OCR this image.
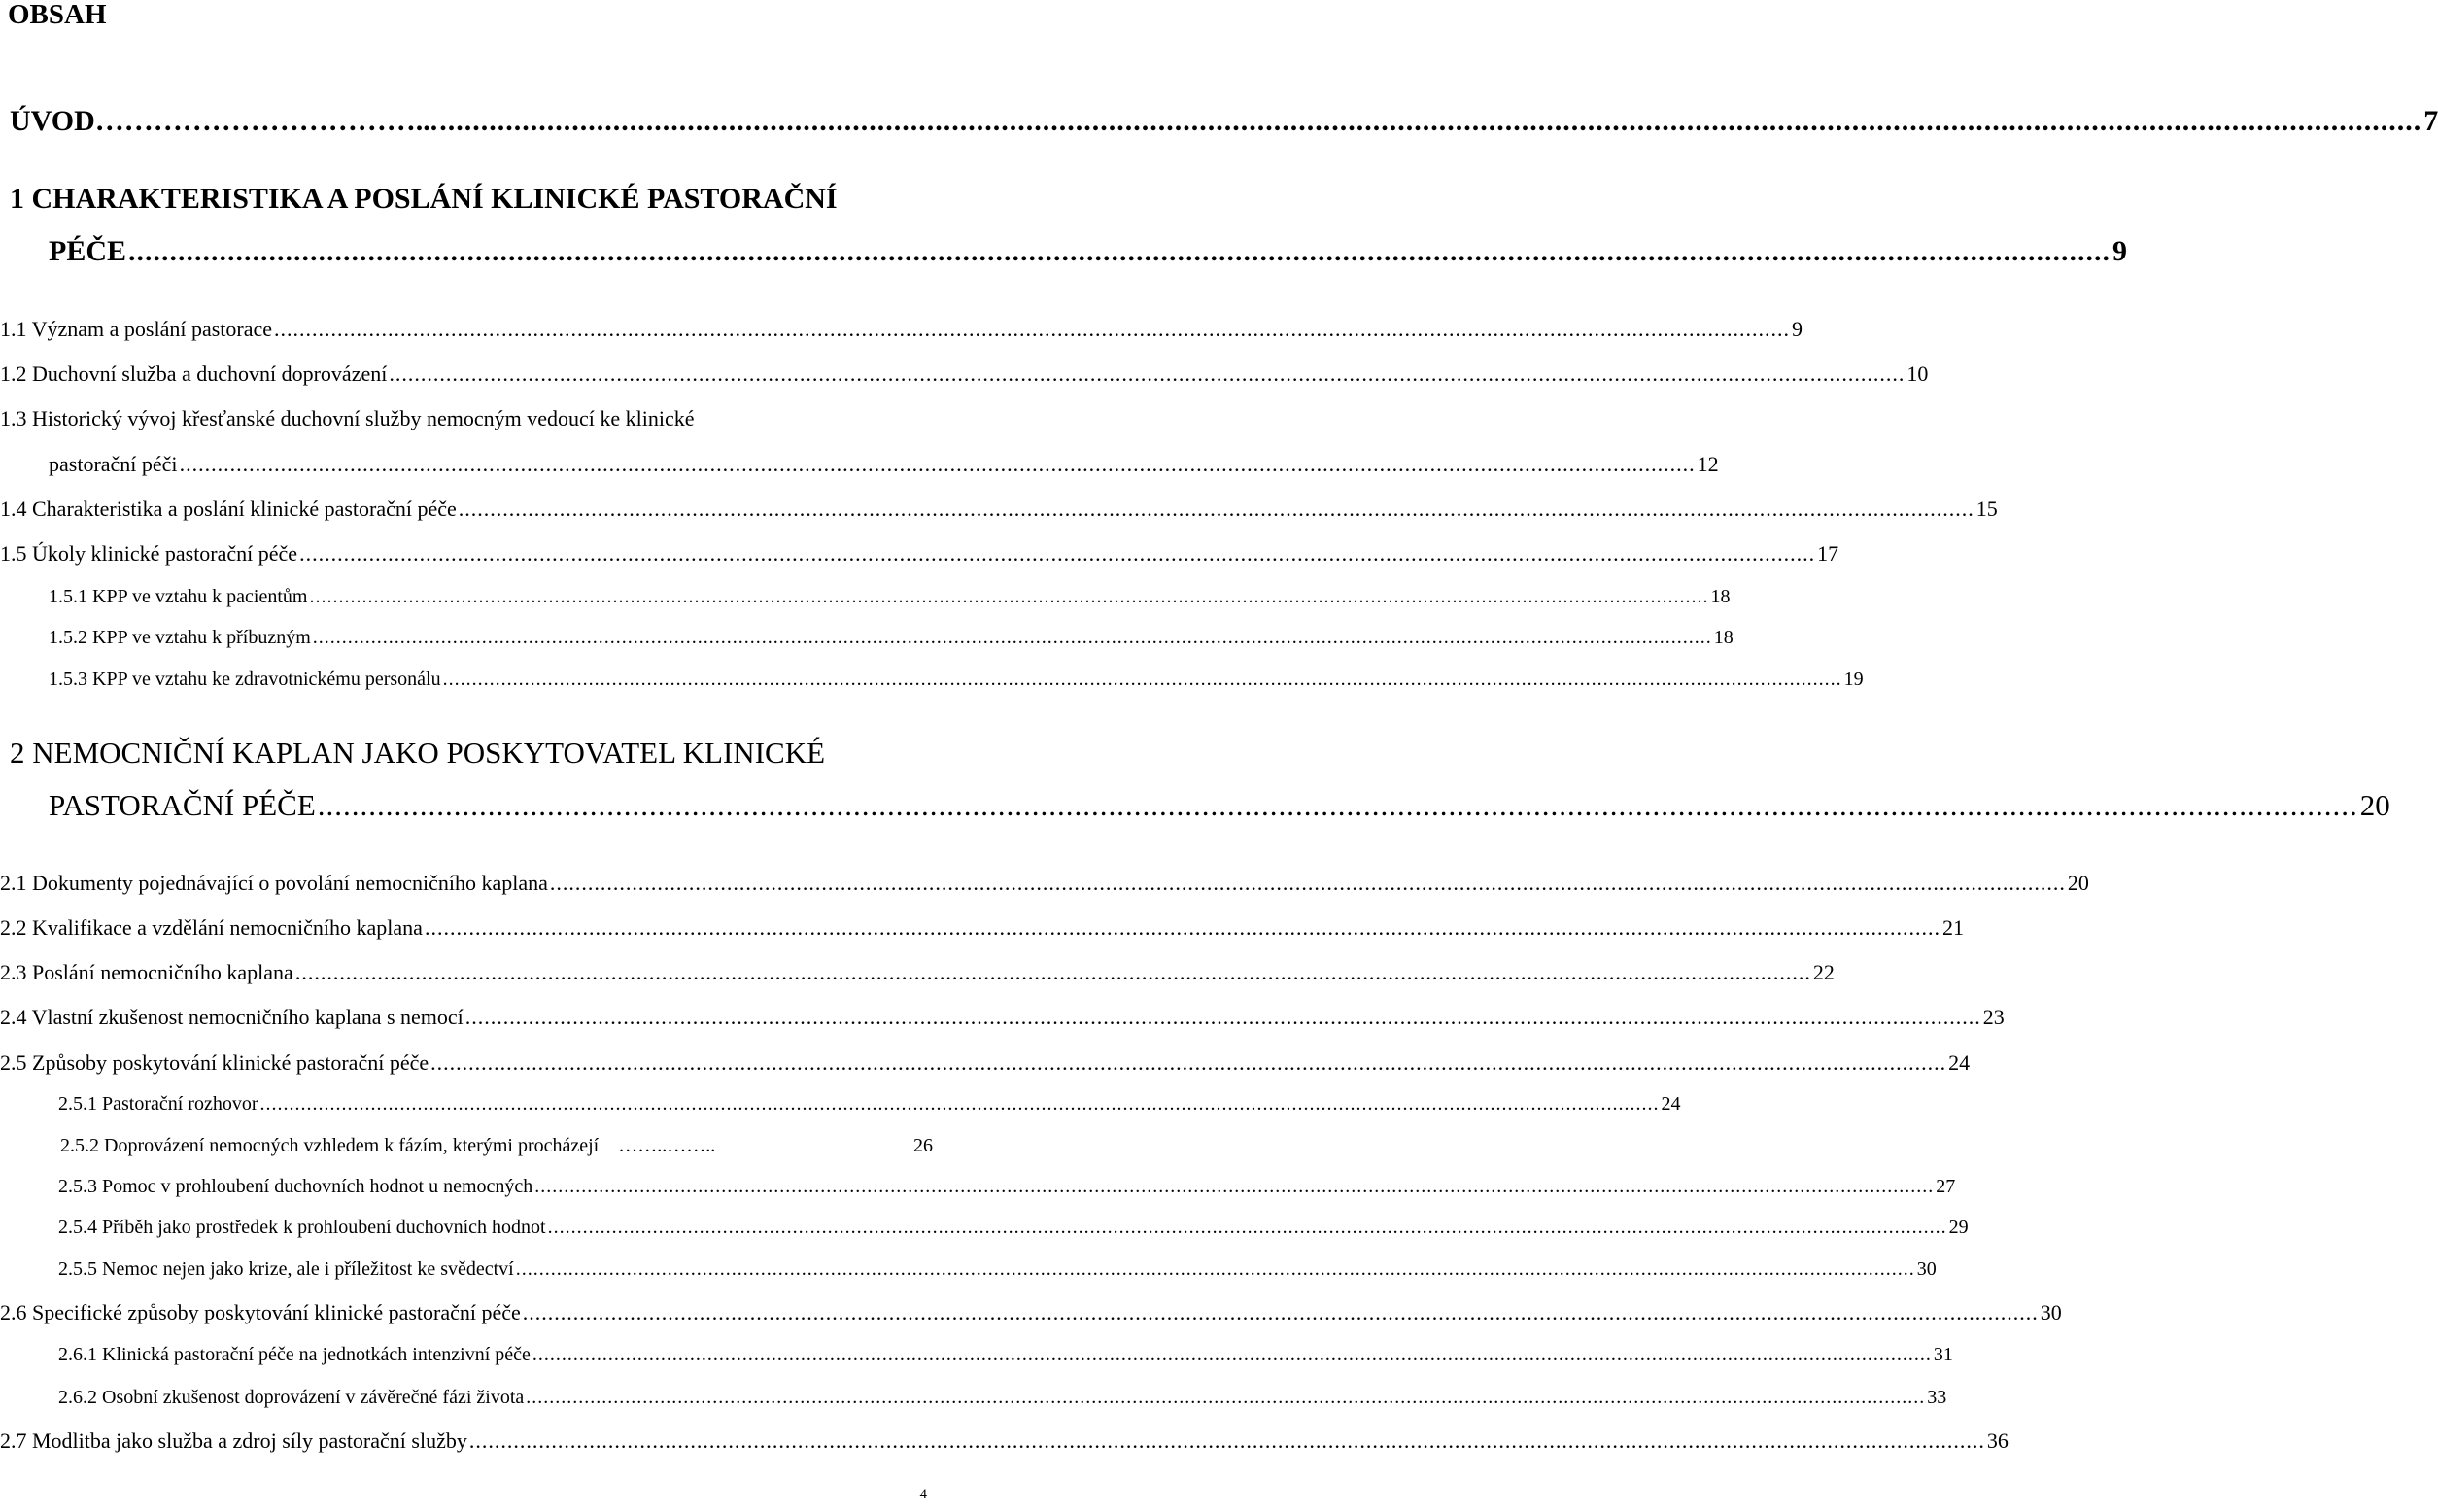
OBSAH
ÚVOD ……………………………... .....	7
1 CHARAKTERISTIKA A POSLÁNÍ KLINICKÉ PASTORAČNÍ
PÉČE .....	9
1.1 Význam a poslání pastorace .....	9
1.2 Duchovní služba a duchovní doprovázení .....	10
1.3 Historický vývoj křesťanské duchovní služby nemocným vedoucí ke klinické
pastorační péči .....	12
1.4 Charakteristika a poslání klinické pastorační péče .....	15
1.5 Úkoly klinické pastorační péče .....	17
1.5.1 KPP ve vztahu k pacientům .....	18
1.5.2 KPP ve vztahu k příbuzným .....	18
1.5.3 KPP ve vztahu ke zdravotnickému personálu .....	19
2 NEMOCNIČNÍ KAPLAN JAKO POSKYTOVATEL KLINICKÉ
PASTORAČNÍ PÉČE .....	20
2.1 Dokumenty pojednávající o povolání nemocničního kaplana .....	20
2.2 Kvalifikace a vzdělání nemocničního kaplana .....	21
2.3 Poslání nemocničního kaplana .....	22
2.4 Vlastní zkušenost nemocničního kaplana s nemocí .....	23
2.5 Způsoby poskytování klinické pastorační péče .....	24
2.5.1 Pastorační rozhovor .....	24
2.5.2 Doprovázení nemocných vzhledem k fázím, kterými procházejí	……..……..	26
2.5.3 Pomoc v prohloubení duchovních hodnot u nemocných .....	27
2.5.4 Příběh jako prostředek k prohloubení duchovních hodnot .....	29
2.5.5 Nemoc nejen jako krize, ale i příležitost ke svědectví .....	30
2.6 Specifické způsoby poskytování klinické pastorační péče .....	30
2.6.1 Klinická pastorační péče na jednotkách intenzivní péče .....	31
2.6.2 Osobní zkušenost doprovázení v závěrečné fázi života .....	33
2.7 Modlitba jako služba a zdroj síly pastorační služby .....	36
4
